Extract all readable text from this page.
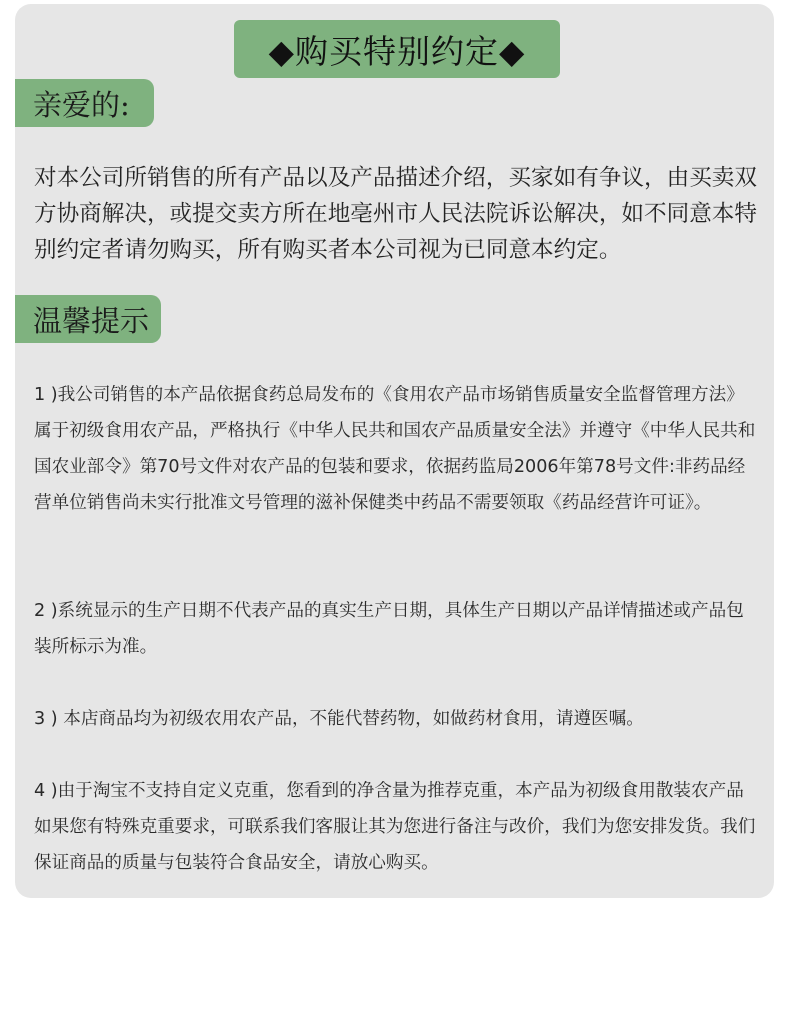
◆购买特别约定◆
亲爱的:

对本公司所销售的所有产品以及产品描述介绍，买家如有争议，由买卖双方协商解决，或提交卖方所在地亳州市人民法院诉讼解决，如不同意本特别约定者请勿购买，所有购买者本公司视为已同意本约定。

温馨提示

1 )我公司销售的本产品依据食药总局发布的《食用农产品市场销售质量安全监督管理方法》属于初级食用农产品，严格执行《中华人民共和国农产品质量安全法》并遵守《中华人民共和国农业部令》第70号文件对农产品的包装和要求，依据药监局2006年第78号文件:非药品经营单位销售尚未实行批准文号管理的滋补保健类中药品不需要领取《药品经营许可证》。

2 )系统显示的生产日期不代表产品的真实生产日期，具体生产日期以产品详情描述或产品包装所标示为准。

3 ) 本店商品均为初级农用农产品，不能代替药物，如做药材食用，请遵医嘱。

4 )由于淘宝不支持自定义克重，您看到的净含量为推荐克重，本产品为初级食用散装农产品如果您有特殊克重要求，可联系我们客服让其为您进行备注与改价，我们为您安排发货。我们保证商品的质量与包装符合食品安全，请放心购买。
